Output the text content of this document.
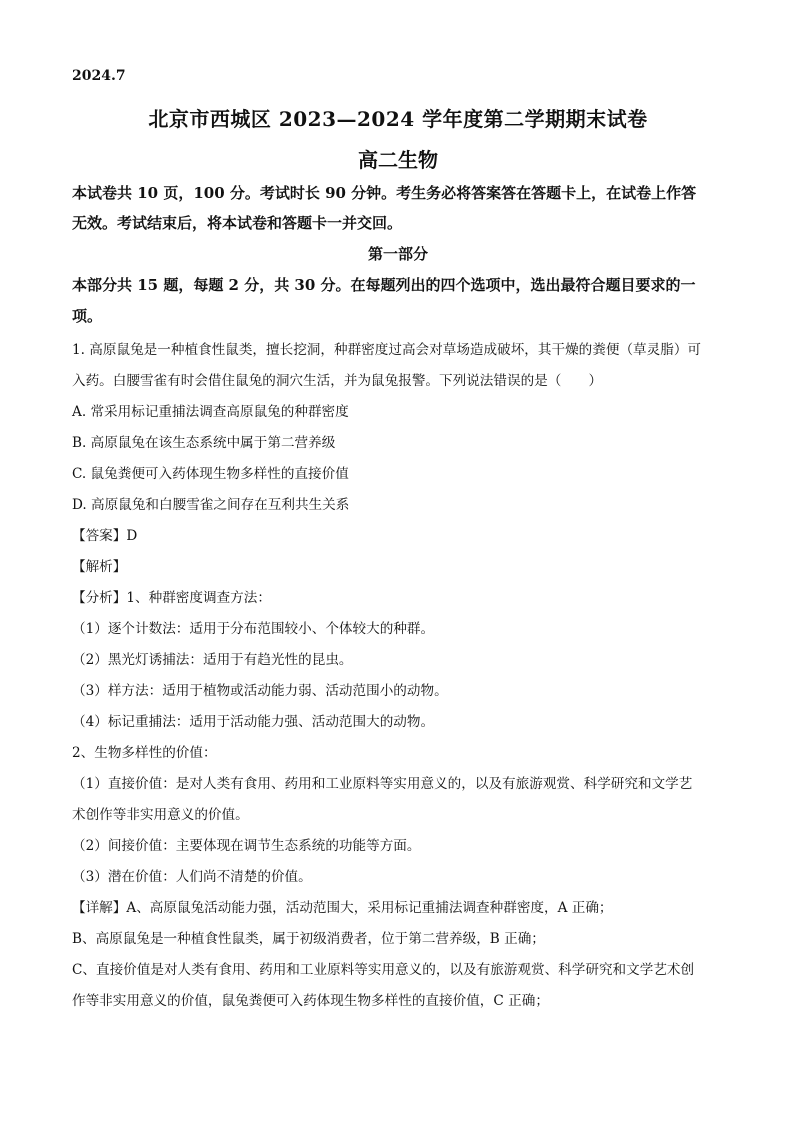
2024.7
北京市西城区 2023—2024 学年度第二学期期末试卷
高二生物
本试卷共 10 页，100 分。考试时长 90 分钟。考生务必将答案答在答题卡上，在试卷上作答
无效。考试结束后，将本试卷和答题卡一并交回。
第一部分
本部分共 15 题，每题 2 分，共 30 分。在每题列出的四个选项中，选出最符合题目要求的一
项。
1. 高原鼠兔是一种植食性鼠类，擅长挖洞，种群密度过高会对草场造成破坏，其干燥的粪便（草灵脂）可
入药。白腰雪雀有时会借住鼠兔的洞穴生活，并为鼠兔报警。下列说法错误的是（　　）
A. 常采用标记重捕法调查高原鼠兔的种群密度
B. 高原鼠兔在该生态系统中属于第二营养级
C. 鼠兔粪便可入药体现生物多样性的直接价值
D. 高原鼠兔和白腰雪雀之间存在互利共生关系
【答案】D
【解析】
【分析】1、种群密度调查方法：
（1）逐个计数法：适用于分布范围较小、个体较大的种群。
（2）黑光灯诱捕法：适用于有趋光性的昆虫。
（3）样方法：适用于植物或活动能力弱、活动范围小的动物。
（4）标记重捕法：适用于活动能力强、活动范围大的动物。
2、生物多样性的价值：
（1）直接价值：是对人类有食用、药用和工业原料等实用意义的，以及有旅游观赏、科学研究和文学艺
术创作等非实用意义的价值。
（2）间接价值：主要体现在调节生态系统的功能等方面。
（3）潜在价值：人们尚不清楚的价值。
【详解】A、高原鼠兔活动能力强，活动范围大，采用标记重捕法调查种群密度，A 正确；
B、高原鼠兔是一种植食性鼠类，属于初级消费者，位于第二营养级，B 正确；
C、直接价值是对人类有食用、药用和工业原料等实用意义的，以及有旅游观赏、科学研究和文学艺术创
作等非实用意义的价值，鼠兔粪便可入药体现生物多样性的直接价值，C 正确；
